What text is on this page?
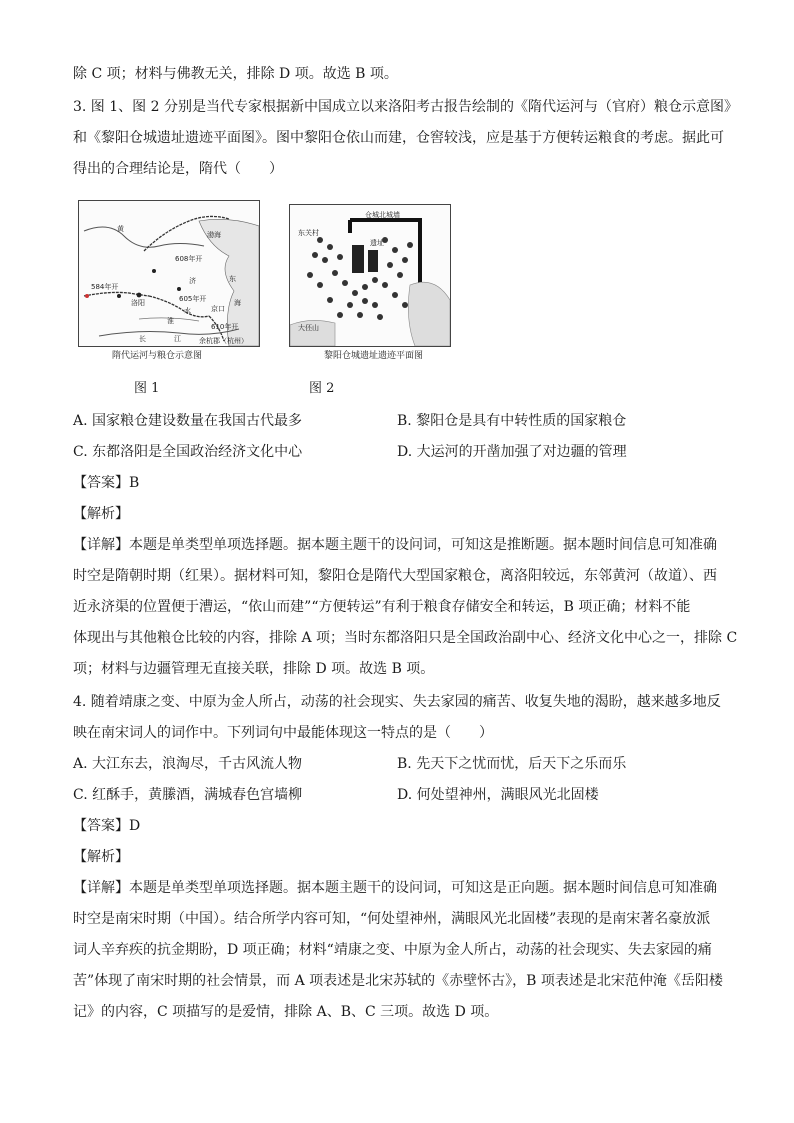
除 C 项；材料与佛教无关，排除 D 项。故选 B 项。
3. 图 1、图 2 分别是当代专家根据新中国成立以来洛阳考古报告绘制的《隋代运河与（官府）粮仓示意图》
和《黎阳仓城遗址遗迹平面图》。图中黎阳仓依山而建，仓窖较浅，应是基于方便转运粮食的考虑。据此可
得出的合理结论是，隋代（　　）
渤海
东
海
黄
水
济
淮
江
长
608年开
605年开
584年开
610年开
洛阳
京口
余杭郡（杭州）
隋代运河与粮仓示意图
图 1
仓城北城墙
东关村
大伾山
遗址
黎阳仓城遗址遗迹平面图
图 2
A. 国家粮仓建设数量在我国古代最多	B. 黎阳仓是具有中转性质的国家粮仓
C. 东都洛阳是全国政治经济文化中心	D. 大运河的开凿加强了对边疆的管理
【答案】B
【解析】
【详解】本题是单类型单项选择题。据本题主题干的设问词，可知这是推断题。据本题时间信息可知准确
时空是隋朝时期（红果）。据材料可知，黎阳仓是隋代大型国家粮仓，离洛阳较远，东邻黄河（故道）、西
近永济渠的位置便于漕运，“依山而建”“方便转运”有利于粮食存储安全和转运，B 项正确；材料不能
体现出与其他粮仓比较的内容，排除 A 项；当时东都洛阳只是全国政治副中心、经济文化中心之一，排除 C
项；材料与边疆管理无直接关联，排除 D 项。故选 B 项。
4. 随着靖康之变、中原为金人所占，动荡的社会现实、失去家园的痛苦、收复失地的渴盼，越来越多地反
映在南宋词人的词作中。下列词句中最能体现这一特点的是（　　）
A. 大江东去，浪淘尽，千古风流人物	B. 先天下之忧而忧，后天下之乐而乐
C. 红酥手，黄縢酒，满城春色宫墙柳	D. 何处望神州，满眼风光北固楼
【答案】D
【解析】
【详解】本题是单类型单项选择题。据本题主题干的设问词，可知这是正向题。据本题时间信息可知准确
时空是南宋时期（中国）。结合所学内容可知，“何处望神州，满眼风光北固楼”表现的是南宋著名豪放派
词人辛弃疾的抗金期盼，D 项正确；材料“靖康之变、中原为金人所占，动荡的社会现实、失去家园的痛
苦”体现了南宋时期的社会情景，而 A 项表述是北宋苏轼的《赤壁怀古》，B 项表述是北宋范仲淹《岳阳楼
记》的内容，C 项描写的是爱情，排除 A、B、C 三项。故选 D 项。
